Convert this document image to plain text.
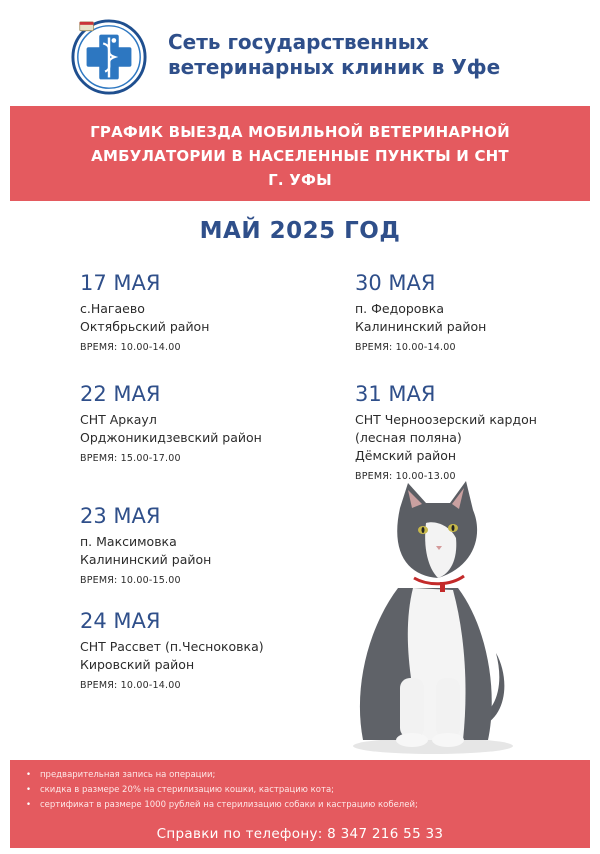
Сеть государственных
ветеринарных клиник в Уфе
ГРАФИК ВЫЕЗДА МОБИЛЬНОЙ ВЕТЕРИНАРНОЙ
АМБУЛАТОРИИ В НАСЕЛЕННЫЕ ПУНКТЫ И СНТ
Г. УФЫ
МАЙ 2025 ГОД
17 МАЯ
с.Нагаево
Октябрьский район
ВРЕМЯ: 10.00-14.00
22 МАЯ
СНТ Аркаул
Орджоникидзевский район
ВРЕМЯ: 15.00-17.00
23 МАЯ
п. Максимовка
Калининский район
ВРЕМЯ: 10.00-15.00
24 МАЯ
СНТ Рассвет (п.Чесноковка)
Кировский район
ВРЕМЯ: 10.00-14.00
30 МАЯ
п. Федоровка
Калининский район
ВРЕМЯ: 10.00-14.00
31 МАЯ
СНТ Черноозерский кардон
(лесная поляна)
Дёмский район
ВРЕМЯ: 10.00-13.00
• предварительная запись на операции;
• скидка в размере 20% на стерилизацию кошки, кастрацию кота;
• сертификат в размере 1000 рублей на стерилизацию собаки и кастрацию кобелей;
Справки по телефону: 8 347 216 55 33
